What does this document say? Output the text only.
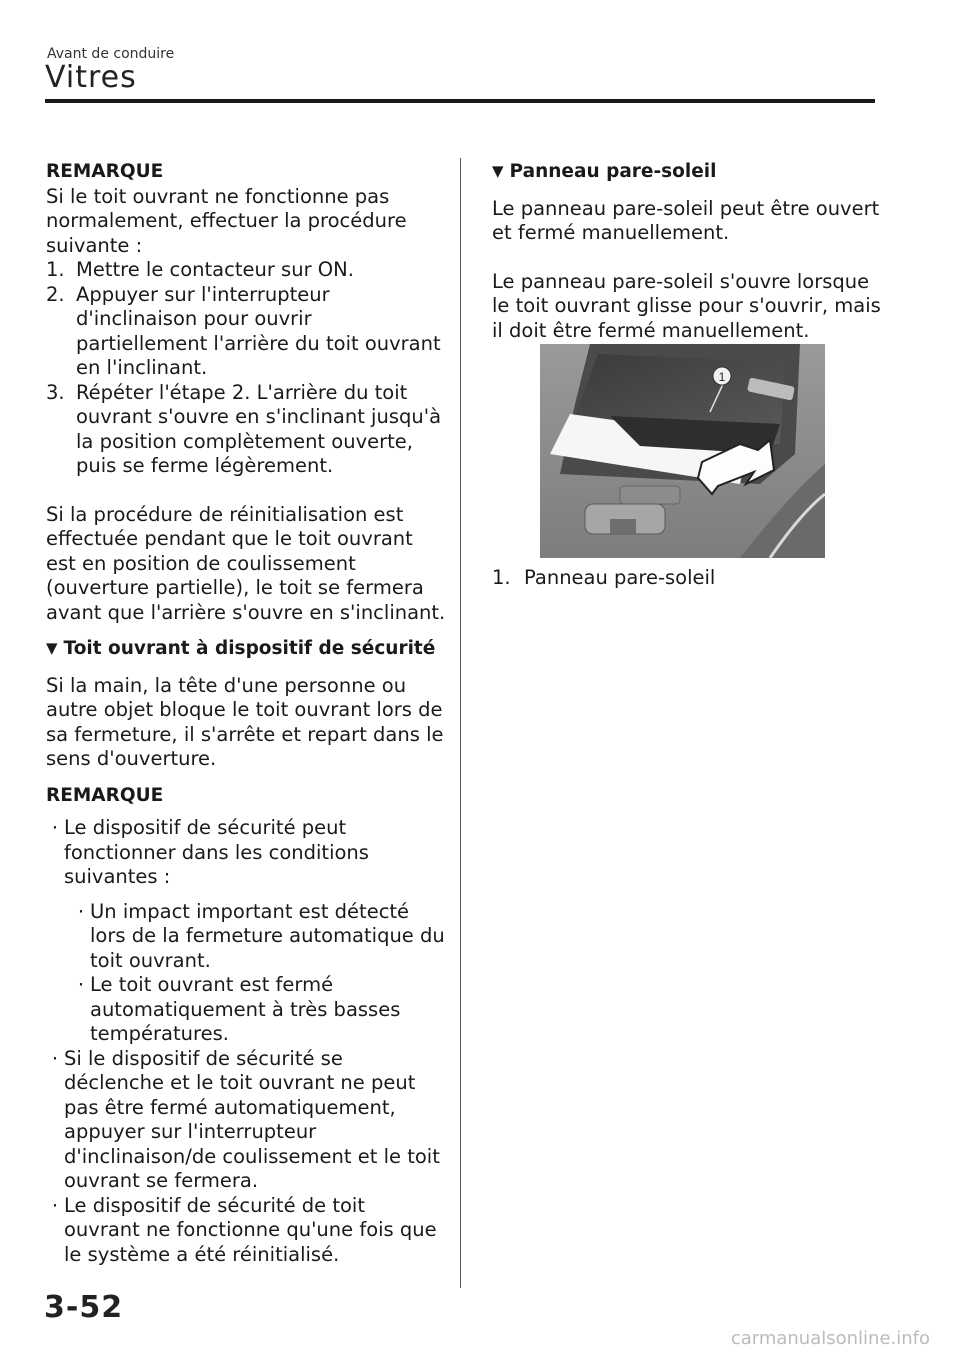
Avant de conduire
Vitres

REMARQUE

Si le toit ouvrant ne fonctionne pas normalement, effectuer la procédure suivante :

1. Mettre le contacteur sur ON.
2. Appuyer sur l'interrupteur d'inclinaison pour ouvrir partiellement l'arrière du toit ouvrant en l'inclinant.
3. Répéter l'étape 2. L'arrière du toit ouvrant s'ouvre en s'inclinant jusqu'à la position complètement ouverte, puis se ferme légèrement.

Si la procédure de réinitialisation est effectuée pendant que le toit ouvrant est en position de coulissement (ouverture partielle), le toit se fermera avant que l'arrière s'ouvre en s'inclinant.

▼ Toit ouvrant à dispositif de sécurité

Si la main, la tête d'une personne ou autre objet bloque le toit ouvrant lors de sa fermeture, il s'arrête et repart dans le sens d'ouverture.

REMARQUE

· Le dispositif de sécurité peut fonctionner dans les conditions suivantes :
· Un impact important est détecté lors de la fermeture automatique du toit ouvrant.
· Le toit ouvrant est fermé automatiquement à très basses températures.
· Si le dispositif de sécurité se déclenche et le toit ouvrant ne peut pas être fermé automatiquement, appuyer sur l'interrupteur d'inclinaison/de coulissement et le toit ouvrant se fermera.
· Le dispositif de sécurité de toit ouvrant ne fonctionne qu'une fois que le système a été réinitialisé.

▼ Panneau pare-soleil

Le panneau pare-soleil peut être ouvert et fermé manuellement.

Le panneau pare-soleil s'ouvre lorsque le toit ouvrant glisse pour s'ouvrir, mais il doit être fermé manuellement.

1
1. Panneau pare-soleil
3-52
carmanualsonline.info
